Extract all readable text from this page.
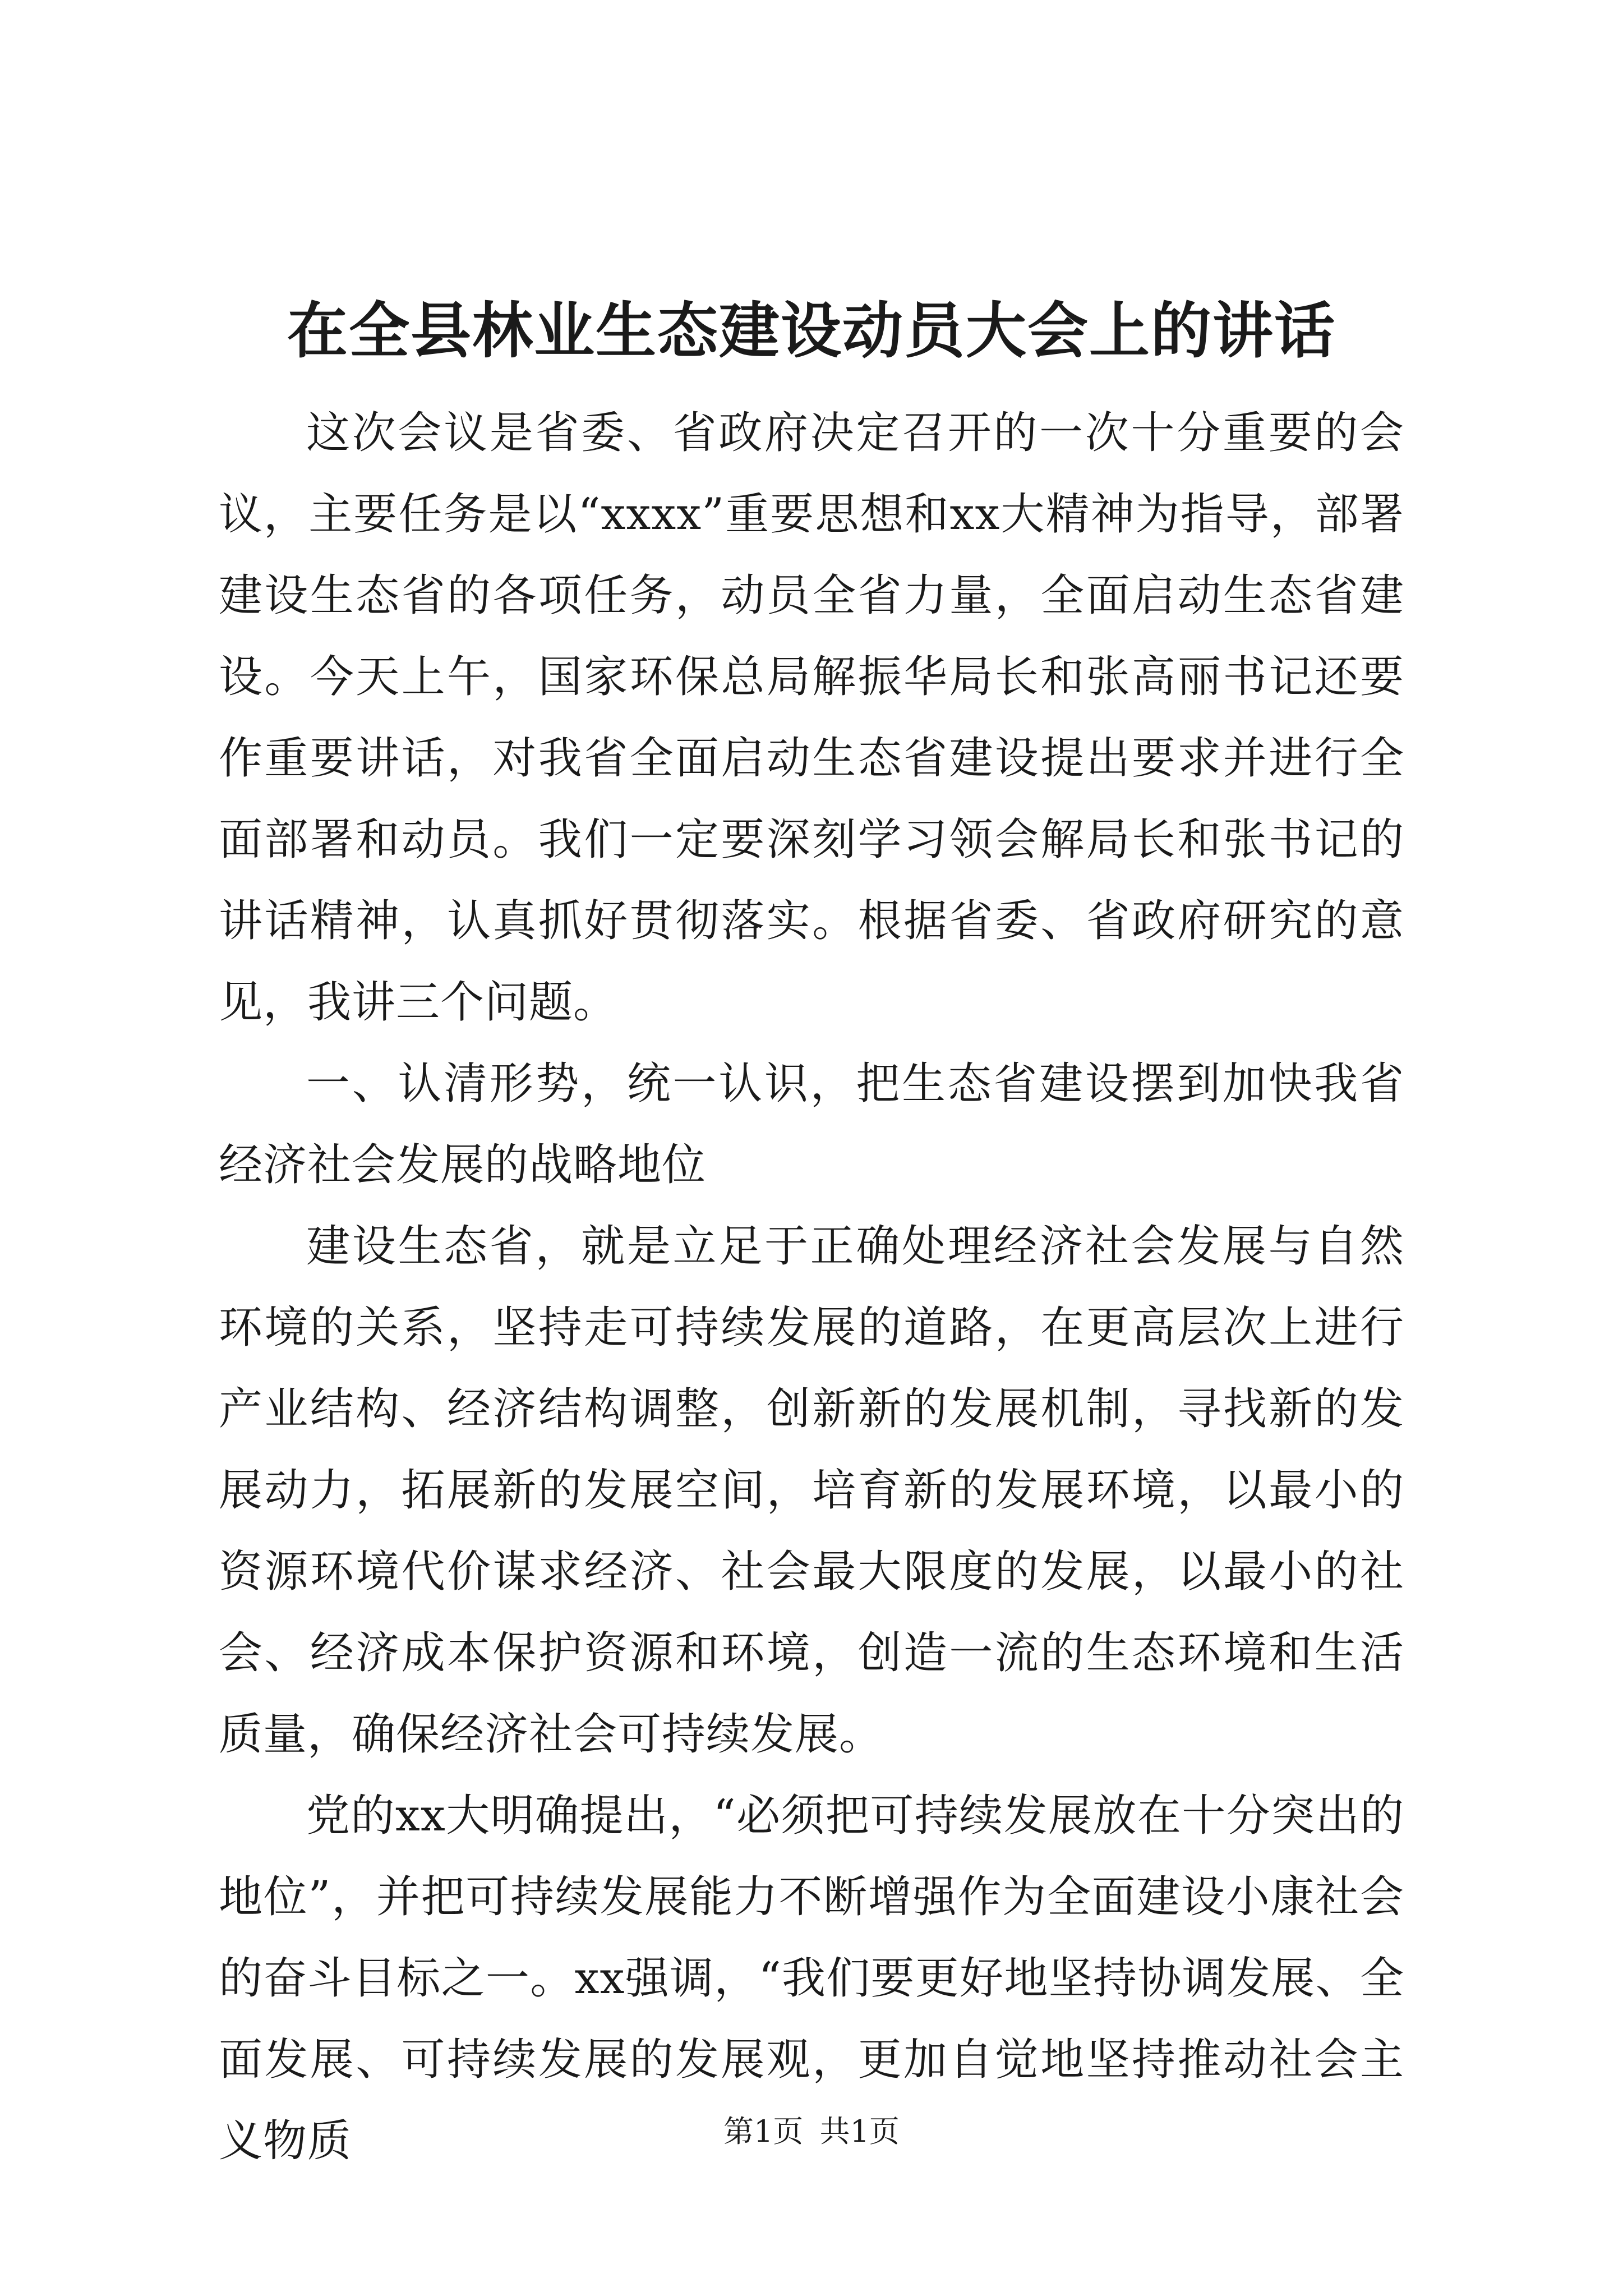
在全县林业生态建设动员大会上的讲话

这次会议是省委、省政府决定召开的一次十分重要的会议，主要任务是以“xxxx”重要思想和xx大精神为指导，部署建设生态省的各项任务，动员全省力量，全面启动生态省建设。今天上午，国家环保总局解振华局长和张高丽书记还要作重要讲话，对我省全面启动生态省建设提出要求并进行全面部署和动员。我们一定要深刻学习领会解局长和张书记的讲话精神，认真抓好贯彻落实。根据省委、省政府研究的意见，我讲三个问题。

一、认清形势，统一认识，把生态省建设摆到加快我省经济社会发展的战略地位

建设生态省，就是立足于正确处理经济社会发展与自然环境的关系，坚持走可持续发展的道路，在更高层次上进行产业结构、经济结构调整，创新新的发展机制，寻找新的发展动力，拓展新的发展空间，培育新的发展环境，以最小的资源环境代价谋求经济、社会最大限度的发展，以最小的社会、经济成本保护资源和环境，创造一流的生态环境和生活质量，确保经济社会可持续发展。

党的xx大明确提出，“必须把可持续发展放在十分突出的地位”，并把可持续发展能力不断增强作为全面建设小康社会的奋斗目标之一。xx强调，“我们要更好地坚持协调发展、全面发展、可持续发展的发展观，更加自觉地坚持推动社会主义物质	第1页 共1页
